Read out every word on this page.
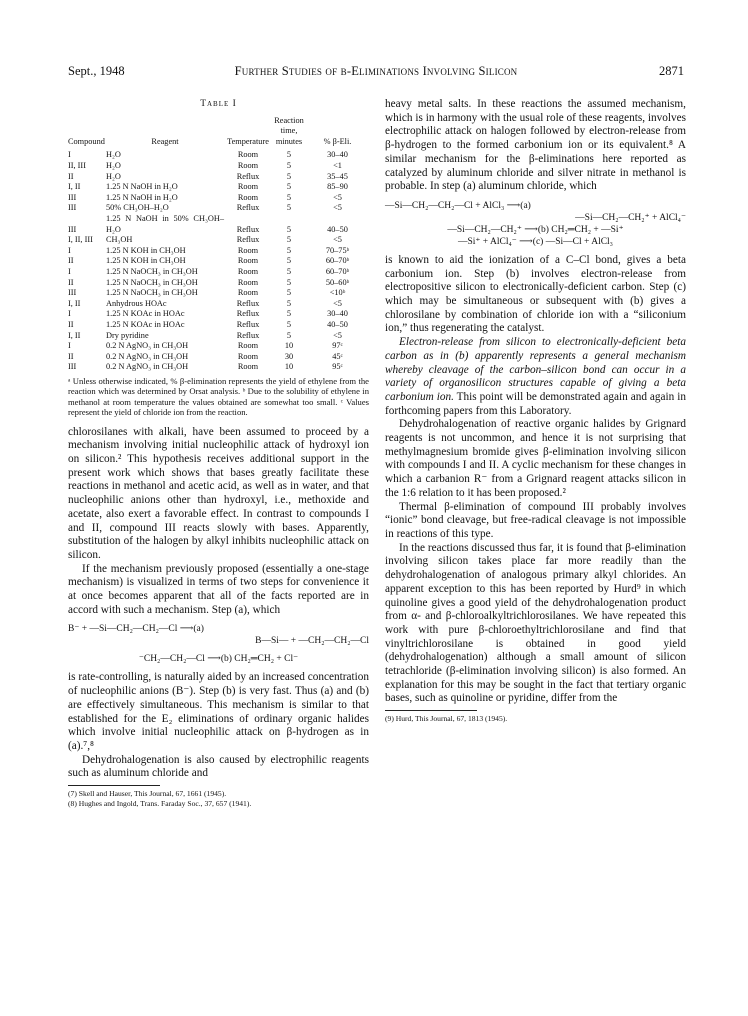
Sept., 1948	Further Studies of β-Eliminations Involving Silicon	2871
Table I
Compound	Reagent	Temperature	Reaction time, minutes	% β-Eli.
I	H₂O	Room	5	30–40
II, III	H₂O	Room	5	<1
II	H₂O	Reflux	5	35–45
I, II	1.25 N NaOH in H₂O	Room	5	85–90
III	1.25 N NaOH in H₂O	Room	5	<5
III	50% CH₃OH–H₂O	Reflux	5	<5
III	1.25 N NaOH in 50% CH₃OH–H₂O	Reflux	5	40–50
I, II, III	CH₃OH	Reflux	5	<5
I	1.25 N KOH in CH₃OH	Room	5	70–75ᵇ
II	1.25 N KOH in CH₃OH	Room	5	60–70ᵇ
I	1.25 N NaOCH₃ in CH₃OH	Room	5	60–70ᵇ
II	1.25 N NaOCH₃ in CH₃OH	Room	5	50–60ᵇ
III	1.25 N NaOCH₃ in CH₃OH	Room	5	<10ᵇ
I, II	Anhydrous HOAc	Reflux	5	<5
I	1.25 N KOAc in HOAc	Reflux	5	30–40
II	1.25 N KOAc in HOAc	Reflux	5	40–50
I, II	Dry pyridine	Reflux	5	<5
I	0.2 N AgNO₃ in CH₃OH	Room	10	97ᶜ
II	0.2 N AgNO₃ in CH₃OH	Room	30	45ᶜ
III	0.2 N AgNO₃ in CH₃OH	Room	10	95ᶜ
ᵃ Unless otherwise indicated, % β-elimination represents the yield of ethylene from the reaction which was determined by Orsat analysis. ᵇ Due to the solubility of ethylene in methanol at room temperature the values obtained are somewhat too small. ᶜ Values represent the yield of chloride ion from the reaction.

chlorosilanes with alkali, have been assumed to proceed by a mechanism involving initial nucleophilic attack of hydroxyl ion on silicon.² This hypothesis receives additional support in the present work which shows that bases greatly facilitate these reactions in methanol and acetic acid, as well as in water, and that nucleophilic anions other than hydroxyl, i.e., methoxide and acetate, also exert a favorable effect. In contrast to compounds I and II, compound III reacts slowly with bases. Apparently, substitution of the halogen by alkyl inhibits nucleophilic attack on silicon.

If the mechanism previously proposed (essentially a one-stage mechanism) is visualized in terms of two steps for convenience it at once becomes apparent that all of the facts reported are in accord with such a mechanism. Step (a), which

B⁻ + —Si—CH₂—CH₂—Cl ⟶(a)
B—Si— + —CH₂—CH₂—Cl
⁻CH₂—CH₂—Cl ⟶(b) CH₂═CH₂ + Cl⁻

is rate-controlling, is naturally aided by an increased concentration of nucleophilic anions (B⁻). Step (b) is very fast. Thus (a) and (b) are effectively simultaneous. This mechanism is similar to that established for the E₂ eliminations of ordinary organic halides which involve initial nucleophilic attack on β-hydrogen as in (a).⁷,⁸

Dehydrohalogenation is also caused by electrophilic reagents such as aluminum chloride and

(7) Skell and Hauser, This Journal, 67, 1661 (1945).
(8) Hughes and Ingold, Trans. Faraday Soc., 37, 657 (1941).

heavy metal salts. In these reactions the assumed mechanism, which is in harmony with the usual role of these reagents, involves electrophilic attack on halogen followed by electron-release from β-hydrogen to the formed carbonium ion or its equivalent.⁸ A similar mechanism for the β-eliminations here reported as catalyzed by aluminum chloride and silver nitrate in methanol is probable. In step (a) aluminum chloride, which

—Si—CH₂—CH₂—Cl + AlCl₃ ⟶(a)
—Si—CH₂—CH₂⁺ + AlCl₄⁻
—Si—CH₂—CH₂⁺ ⟶(b) CH₂═CH₂ + —Si⁺
—Si⁺ + AlCl₄⁻ ⟶(c) —Si—Cl + AlCl₃

is known to aid the ionization of a C–Cl bond, gives a beta carbonium ion. Step (b) involves electron-release from electropositive silicon to electronically-deficient carbon. Step (c) which may be simultaneous or subsequent with (b) gives a chlorosilane by combination of chloride ion with a “siliconium ion,” thus regenerating the catalyst.

Electron-release from silicon to electronically-deficient beta carbon as in (b) apparently represents a general mechanism whereby cleavage of the carbon–silicon bond can occur in a variety of organosilicon structures capable of giving a beta carbonium ion. This point will be demonstrated again and again in forthcoming papers from this Laboratory.

Dehydrohalogenation of reactive organic halides by Grignard reagents is not uncommon, and hence it is not surprising that methylmagnesium bromide gives β-elimination involving silicon with compounds I and II. A cyclic mechanism for these changes in which a carbanion R⁻ from a Grignard reagent attacks silicon in the 1:6 relation to it has been proposed.²

Thermal β-elimination of compound III probably involves “ionic” bond cleavage, but free-radical cleavage is not impossible in reactions of this type.

In the reactions discussed thus far, it is found that β-elimination involving silicon takes place far more readily than the dehydrohalogenation of analogous primary alkyl chlorides. An apparent exception to this has been reported by Hurd⁹ in which quinoline gives a good yield of the dehydrohalogenation product from α- and β-chloroalkyltrichlorosilanes. We have repeated this work with pure β-chloroethyltrichlorosilane and find that vinyltrichlorosilane is obtained in good yield (dehydrohalogenation) although a small amount of silicon tetrachloride (β-elimination involving silicon) is also formed. An explanation for this may be sought in the fact that tertiary organic bases, such as quinoline or pyridine, differ from the

(9) Hurd, This Journal, 67, 1813 (1945).
